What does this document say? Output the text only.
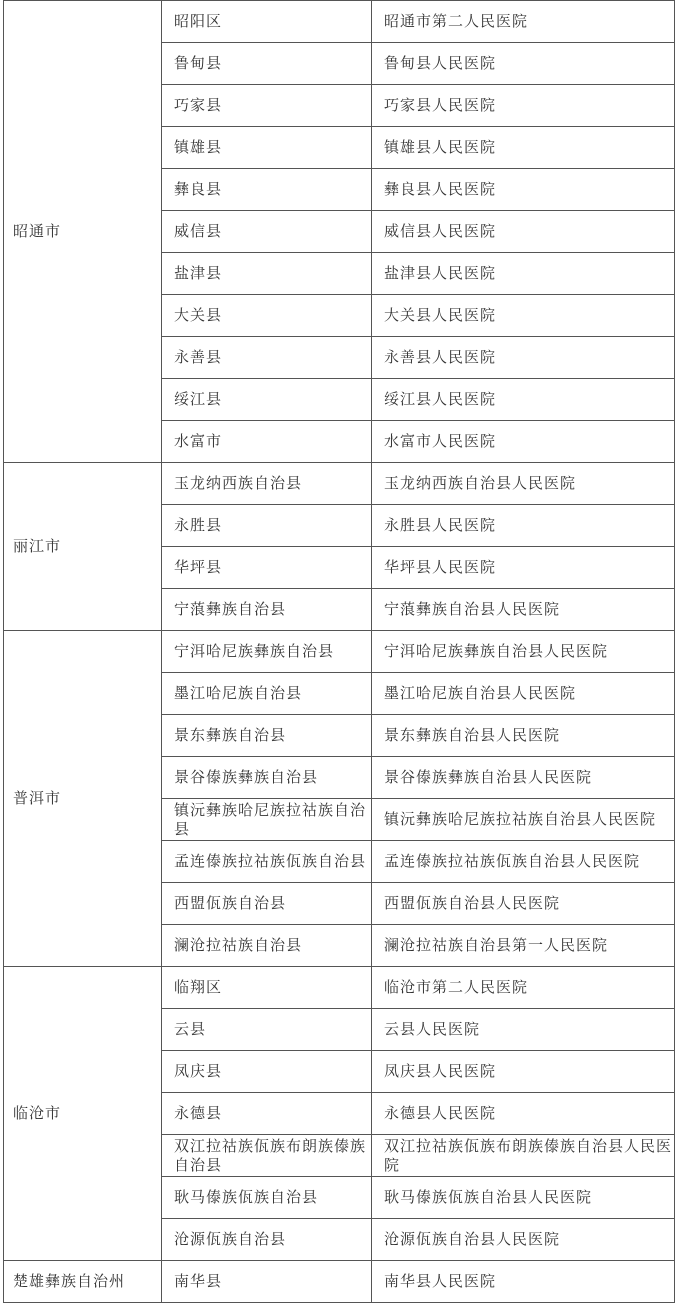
昭通市	昭阳区	昭通市第二人民医院
	鲁甸县	鲁甸县人民医院
	巧家县	巧家县人民医院
	镇雄县	镇雄县人民医院
	彝良县	彝良县人民医院
	威信县	威信县人民医院
	盐津县	盐津县人民医院
	大关县	大关县人民医院
	永善县	永善县人民医院
	绥江县	绥江县人民医院
	水富市	水富市人民医院
丽江市	玉龙纳西族自治县	玉龙纳西族自治县人民医院
	永胜县	永胜县人民医院
	华坪县	华坪县人民医院
	宁蒗彝族自治县	宁蒗彝族自治县人民医院
普洱市	宁洱哈尼族彝族自治县	宁洱哈尼族彝族自治县人民医院
	墨江哈尼族自治县	墨江哈尼族自治县人民医院
	景东彝族自治县	景东彝族自治县人民医院
	景谷傣族彝族自治县	景谷傣族彝族自治县人民医院
	镇沅彝族哈尼族拉祜族自治县	镇沅彝族哈尼族拉祜族自治县人民医院
	孟连傣族拉祜族佤族自治县	孟连傣族拉祜族佤族自治县人民医院
	西盟佤族自治县	西盟佤族自治县人民医院
	澜沧拉祜族自治县	澜沧拉祜族自治县第一人民医院
临沧市	临翔区	临沧市第二人民医院
	云县	云县人民医院
	凤庆县	凤庆县人民医院
	永德县	永德县人民医院
	双江拉祜族佤族布朗族傣族自治县	双江拉祜族佤族布朗族傣族自治县人民医院
	耿马傣族佤族自治县	耿马傣族佤族自治县人民医院
	沧源佤族自治县	沧源佤族自治县人民医院
楚雄彝族自治州	南华县	南华县人民医院
